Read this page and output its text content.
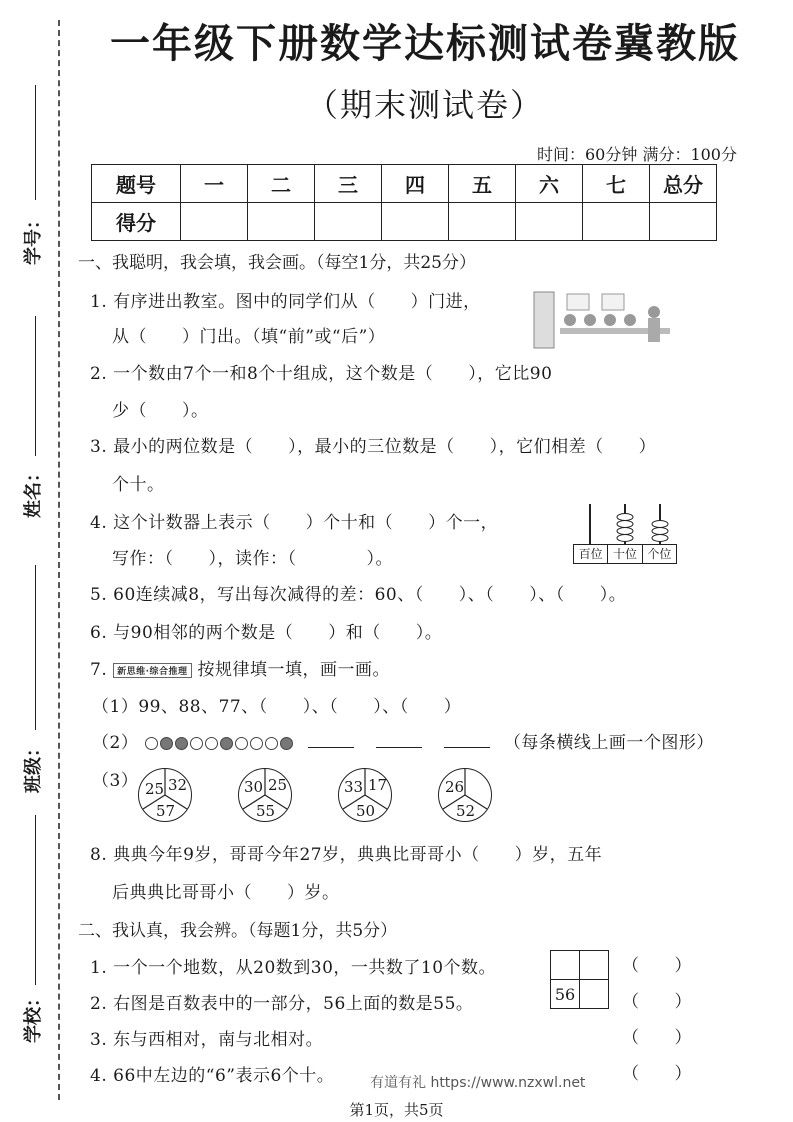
学号：
姓名：
班级：
学校：
一年级下册数学达标测试卷冀教版
（期末测试卷）
时间：60分钟 满分：100分
题号	一	二	三	四	五	六	七	总分
得分								
一、我聪明，我会填，我会画。（每空1分，共25分）
1. 有序进出教室。图中的同学们从（　　）门进，
从（　　）门出。（填“前”或“后”）
2. 一个数由7个一和8个十组成，这个数是（　　），它比90
少（　　）。
3. 最小的两位数是（　　），最小的三位数是（　　），它们相差（　　）
个十。
4. 这个计数器上表示（　　）个十和（　　）个一，
写作：（　　），读作：（　　　　）。	百位 十位 个位
5. 60连续减8，写出每次减得的差：60、（　　）、（　　）、（　　）。
6. 与90相邻的两个数是（　　）和（　　）。
7. 新思维·综合推理 按规律填一填，画一画。
（1）99、88、77、（　　）、（　　）、（　　）
（2）	（每条横线上画一个图形）
（3） 25 32
57
30 25
55
33 17
50
26
52
8. 典典今年9岁，哥哥今年27岁，典典比哥哥小（　　）岁，五年
后典典比哥哥小（　　）岁。
二、我认真，我会辨。（每题1分，共5分）
1. 一个一个地数，从20数到30，一共数了10个数。	（　　）
2. 右图是百数表中的一部分，56上面的数是55。	（　　）

56	
3. 东与西相对，南与北相对。	（　　）
4. 66中左边的“6”表示6个十。	（　　）
有道有礼 https://www.nzxwl.net
第1页，共5页
